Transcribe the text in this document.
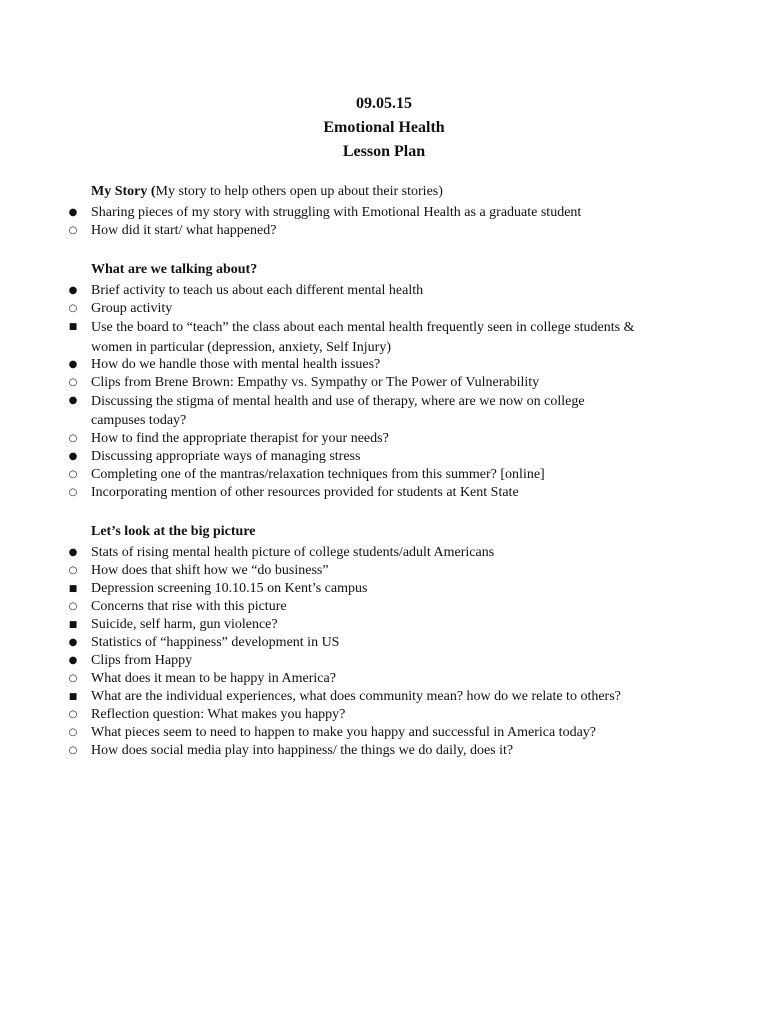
09.05.15
Emotional Health
Lesson Plan
My Story (My story to help others open up about their stories)
● Sharing pieces of my story with struggling with Emotional Health as a graduate student
○ How did it start/ what happened?
What are we talking about?
● Brief activity to teach us about each different mental health
○ Group activity
■ Use the board to “teach” the class about each mental health frequently seen in college students & women in particular (depression, anxiety, Self Injury)
● How do we handle those with mental health issues?
○ Clips from Brene Brown: Empathy vs. Sympathy or The Power of Vulnerability
● Discussing the stigma of mental health and use of therapy, where are we now on college campuses today?
○ How to find the appropriate therapist for your needs?
● Discussing appropriate ways of managing stress
○ Completing one of the mantras/relaxation techniques from this summer? [online]
○ Incorporating mention of other resources provided for students at Kent State
Let’s look at the big picture
● Stats of rising mental health picture of college students/adult Americans
○ How does that shift how we “do business”
■ Depression screening 10.10.15 on Kent’s campus
○ Concerns that rise with this picture
■ Suicide, self harm, gun violence?
● Statistics of “happiness” development in US
● Clips from Happy
○ What does it mean to be happy in America?
■ What are the individual experiences, what does community mean? how do we relate to others?
○ Reflection question: What makes you happy?
○ What pieces seem to need to happen to make you happy and successful in America today?
○ How does social media play into happiness/ the things we do daily, does it?
